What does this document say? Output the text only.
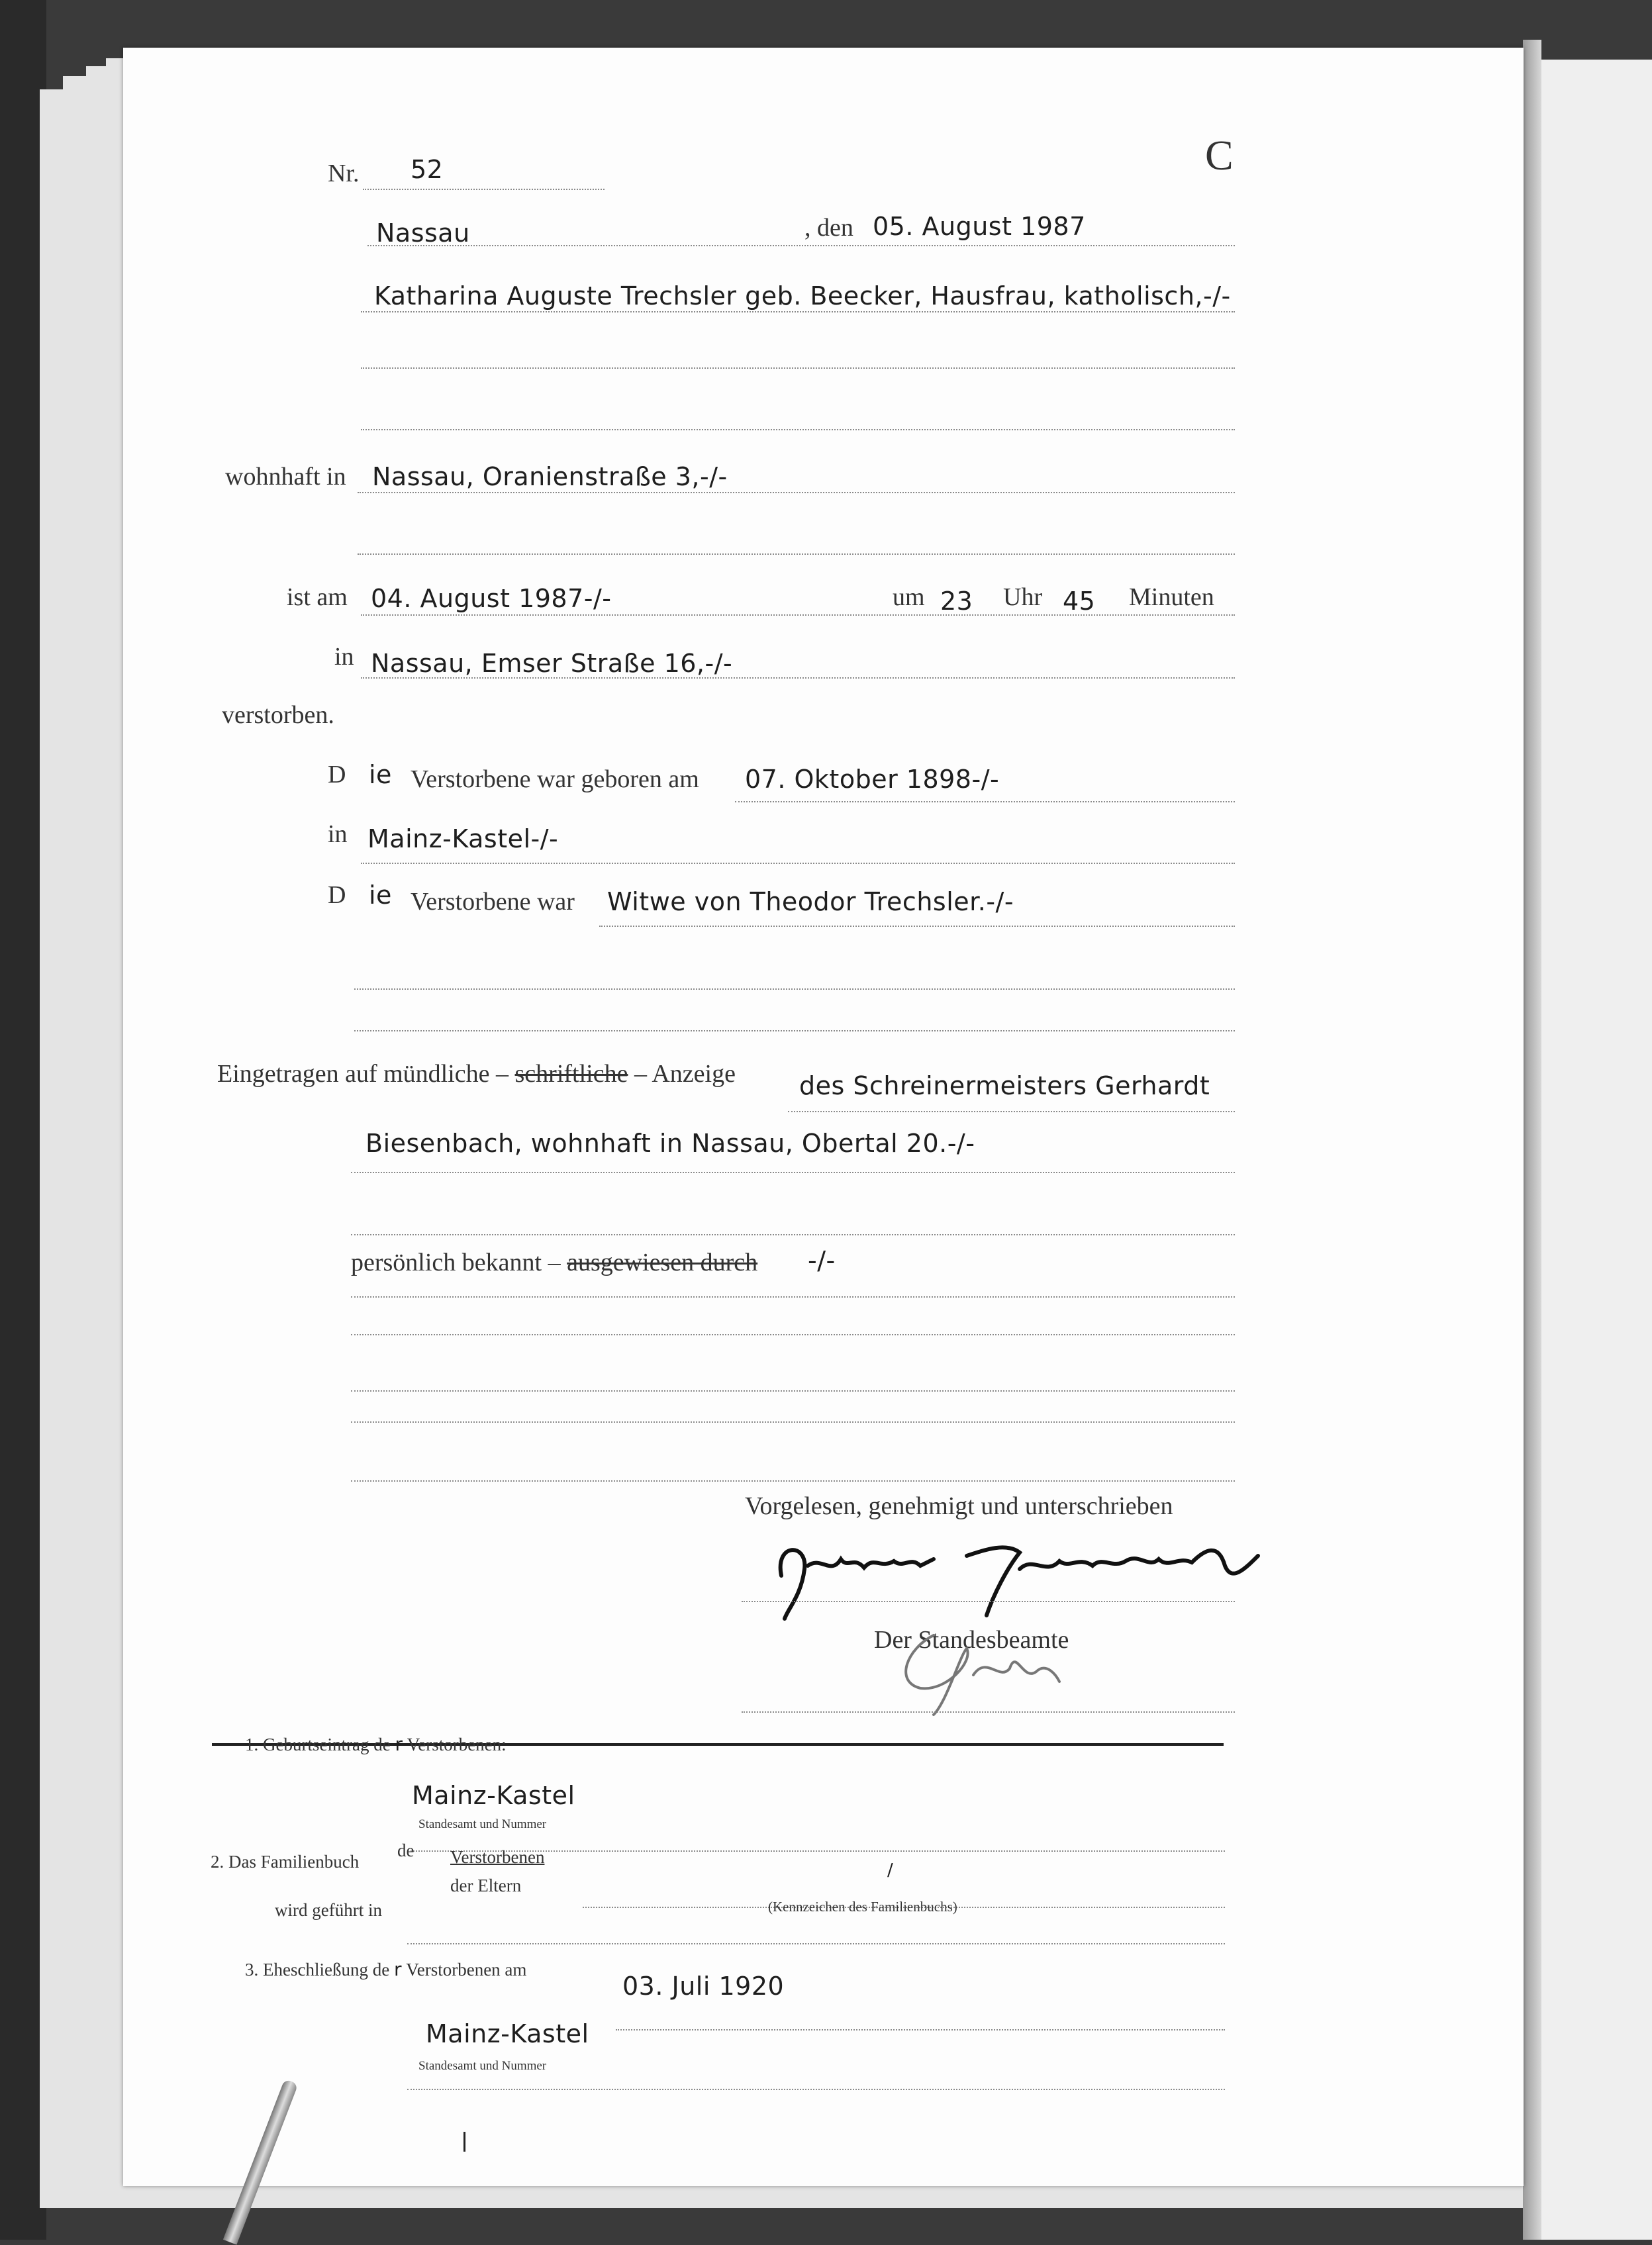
C
Nr. 52
Nassau	, den 05. August 1987
Katharina Auguste Trechsler geb. Beecker, Hausfrau, katholisch,-/-
wohnhaft in Nassau, Oranienstraße 3,-/-
ist am 04. August 1987-/-	um 23 Uhr 45 Minuten
in Nassau, Emser Straße 16,-/-
verstorben.
D ie Verstorbene war geboren am 07. Oktober 1898-/-
in Mainz-Kastel-/-
D ie Verstorbene war Witwe von Theodor Trechsler.-/-
Eingetragen auf mündliche – schriftliche – Anzeige	des Schreinermeisters Gerhardt
Biesenbach, wohnhaft in Nassau, Obertal 20.-/-
persönlich bekannt – ausgewiesen durch -/-
Vorgelesen, genehmigt und unterschrieben
Der Standesbeamte
1. Geburtseintrag de r Verstorbenen:
Mainz-Kastel
Standesamt und Nummer
2. Das Familienbuch
de Verstorbenen
der Eltern
/
wird geführt in	(Kennzeichen des Familienbuchs)
3. Eheschließung de r Verstorbenen am
03. Juli 1920
Mainz-Kastel
Standesamt und Nummer
